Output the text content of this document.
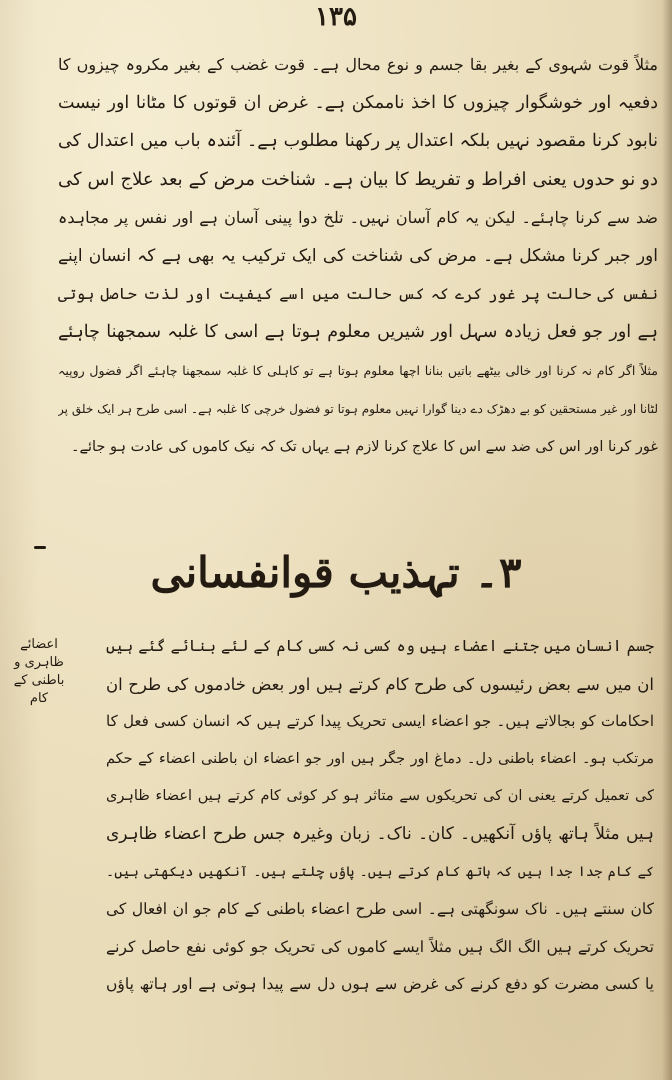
۱۳۵
مثلاً قوت شہوی کے بغیر بقا جسم و نوع محال ہے۔ قوت غضب کے بغیر مکروہ چیزوں کا
دفعیہ اور خوشگوار چیزوں کا اخذ ناممکن ہے۔ غرض ان قوتوں کا مٹانا اور نیست
نابود کرنا مقصود نہیں بلکہ اعتدال پر رکھنا مطلوب ہے۔ آئندہ باب میں اعتدال کی
دو نو حدوں یعنی افراط و تفریط کا بیان ہے۔ شناخت مرض کے بعد علاج اس کی
ضد سے کرنا چاہئے۔ لیکن یہ کام آسان نہیں۔ تلخ دوا پینی آسان ہے اور نفس پر مجاہدہ
اور جبر کرنا مشکل ہے۔ مرض کی شناخت کی ایک ترکیب یہ بھی ہے کہ انسان اپنے
نفس کی حالت پر غور کرے کہ کس حالت میں اسے کیفیت اور لذت حاصل ہوتی
ہے اور جو فعل زیادہ سہل اور شیریں معلوم ہوتا ہے اسی کا غلبہ سمجھنا چاہئے
مثلاً اگر کام نہ کرنا اور خالی بیٹھے باتیں بنانا اچھا معلوم ہوتا ہے تو کاہلی کا غلبہ سمجھنا چاہئے اگر فضول روپیہ
لٹانا اور غیر مستحقین کو بے دھڑک دے دینا گوارا نہیں معلوم ہوتا تو فضول خرچی کا غلبہ ہے۔ اسی طرح ہر ایک خلق پر
غور کرنا اور اس کی ضد سے اس کا علاج کرنا لازم ہے یہاں تک کہ نیک کاموں کی عادت ہو جائے۔
۳۔ تہذیب قوانفسانی
اعضائے
ظاہری و
باطنی کے
کام
جسم انسان میں جتنے اعضاء ہیں وہ کسی نہ کسی کام کے لئے بنائے گئے ہیں
ان میں سے بعض رئیسوں کی طرح کام کرتے ہیں اور بعض خادموں کی طرح ان
احکامات کو بجالاتے ہیں۔ جو اعضاء ایسی تحریک پیدا کرتے ہیں کہ انسان کسی فعل کا
مرتکب ہو۔ اعضاء باطنی دل۔ دماغ اور جگر ہیں اور جو اعضاء ان باطنی اعضاء کے حکم
کی تعمیل کرتے یعنی ان کی تحریکوں سے متاثر ہو کر کوئی کام کرتے ہیں اعضاء ظاہری
ہیں مثلاً ہاتھ پاؤں آنکھیں۔ کان۔ ناک۔ زبان وغیرہ جس طرح اعضاء ظاہری
کے کام جدا جدا ہیں کہ ہاتھ کام کرتے ہیں۔ پاؤں چلتے ہیں۔ آنکھیں دیکھتی ہیں۔
کان سنتے ہیں۔ ناک سونگھتی ہے۔ اسی طرح اعضاء باطنی کے کام جو ان افعال کی
تحریک کرتے ہیں الگ الگ ہیں مثلاً ایسے کاموں کی تحریک جو کوئی نفع حاصل کرنے
یا کسی مضرت کو دفع کرنے کی غرض سے ہوں دل سے پیدا ہوتی ہے اور ہاتھ پاؤں
